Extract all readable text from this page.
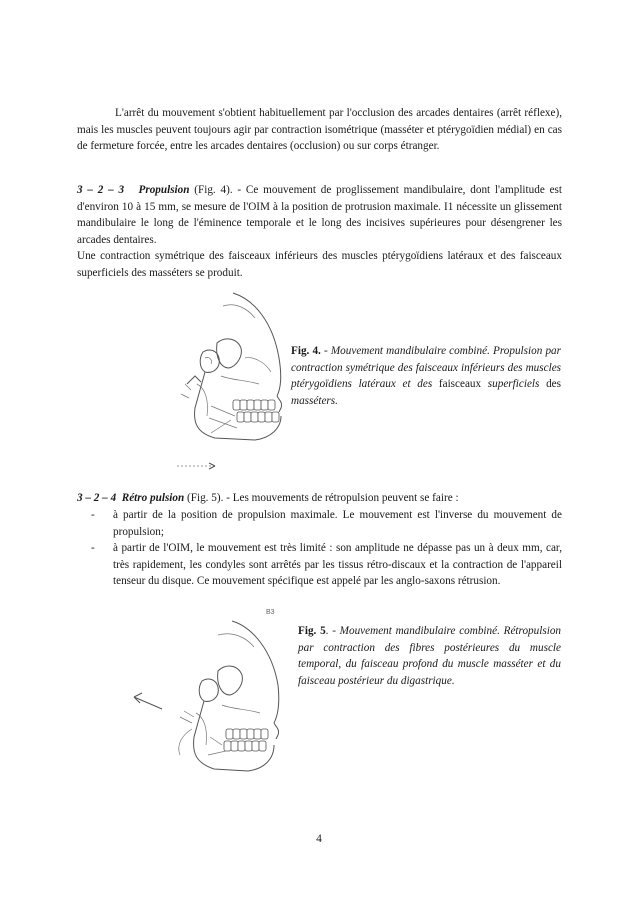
L'arrêt du mouvement s'obtient habituellement par l'occlusion des arcades dentaires (arrêt réflexe), mais les muscles peuvent toujours agir par contraction isométrique (masséter et ptérygoïdien médial) en cas de fermeture forcée, entre les arcades dentaires (occlusion) ou sur corps étranger.

3 – 2 – 3 Propulsion (Fig. 4). - Ce mouvement de proglissement mandibulaire, dont l'amplitude est d'environ 10 à 15 mm, se mesure de l'OIM à la position de protrusion maximale. I1 nécessite un glissement mandibulaire le long de l'éminence temporale et le long des incisives supérieures pour désengrener les arcades dentaires.

Une contraction symétrique des faisceaux inférieurs des muscles ptérygoïdiens latéraux et des faisceaux superficiels des masséters se produit.

Fig. 4. - Mouvement mandibulaire combiné. Propulsion par contraction symétrique des faisceaux inférieurs des muscles ptérygoïdiens latéraux et des faisceaux superficiels des masséters.

3 – 2 – 4 Rétro pulsion (Fig. 5). - Les mouvements de rétropulsion peuvent se faire :

- à partir de la position de propulsion maximale. Le mouvement est l'inverse du mouvement de propulsion;
- à partir de l'OIM, le mouvement est très limité : son amplitude ne dépasse pas un à deux mm, car, très rapidement, les condyles sont arrêtés par les tissus rétro-discaux et la contraction de l'appareil tenseur du disque. Ce mouvement spécifique est appelé par les anglo-saxons rétrusion.
B3

Fig. 5. - Mouvement mandibulaire combiné. Rétropulsion par contraction des fibres postérieures du muscle temporal, du faisceau profond du muscle masséter et du faisceau postérieur du digastrique.

4
